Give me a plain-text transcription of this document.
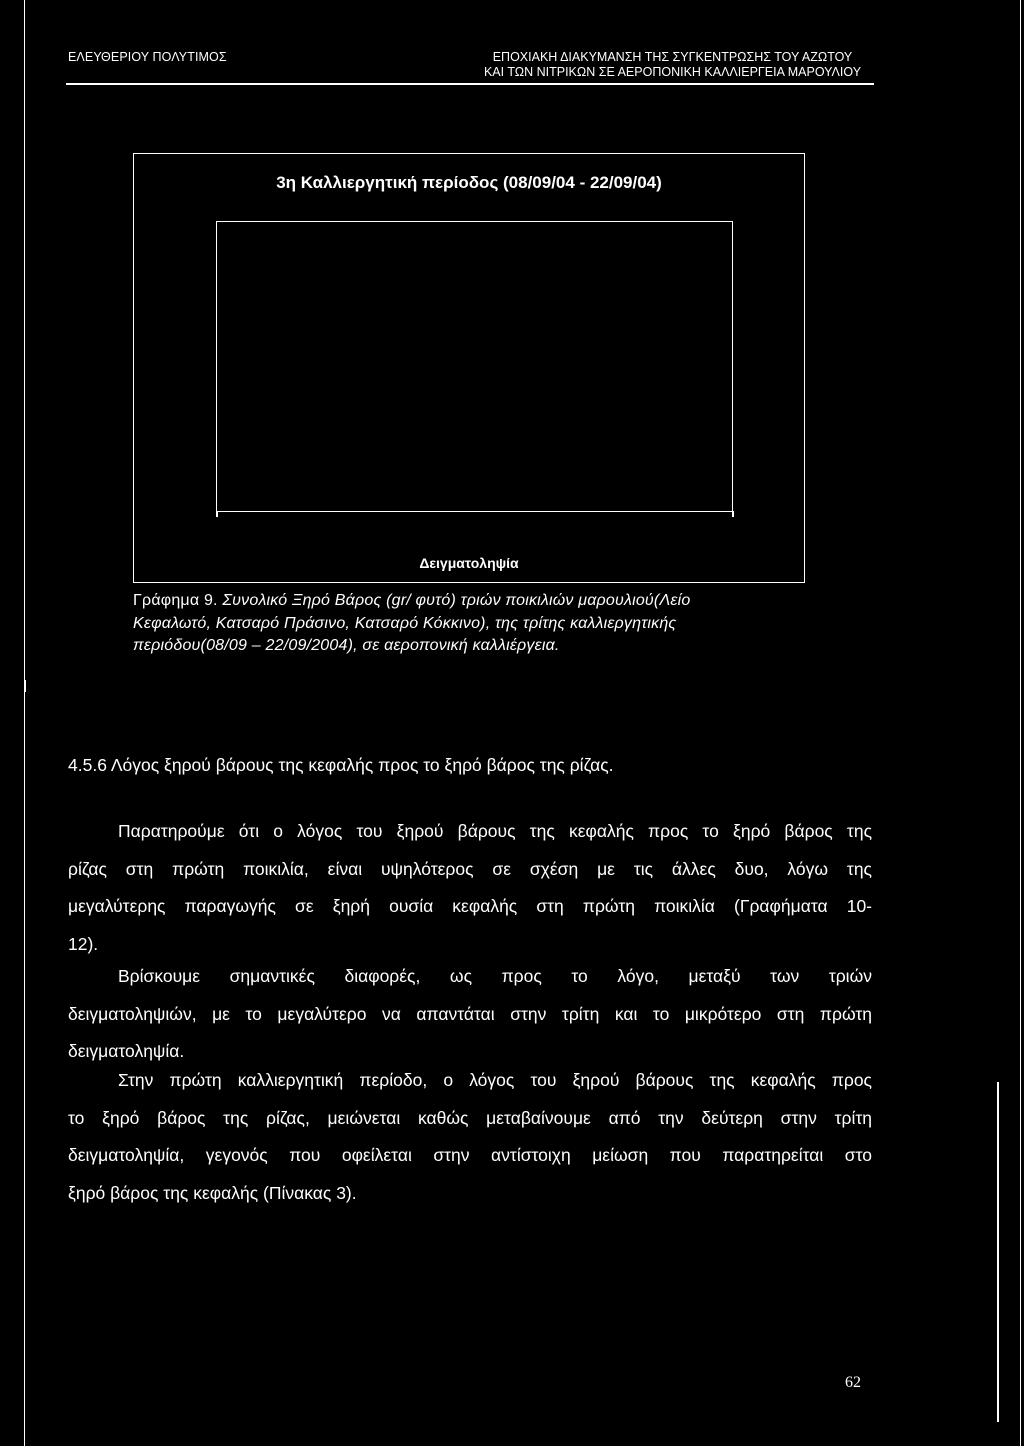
ΕΛΕΥΘΕΡΙΟΥ ΠΟΛΥΤΙΜΟΣ	ΕΠΟΧΙΑΚΗ ΔΙΑΚΥΜΑΝΣΗ ΤΗΣ ΣΥΓΚΕΝΤΡΩΣΗΣ ΤΟΥ ΑΖΩΤΟΥ
ΚΑΙ ΤΩΝ ΝΙΤΡΙΚΩΝ ΣΕ ΑΕΡΟΠΟΝΙΚΗ ΚΑΛΛΙΕΡΓΕΙΑ ΜΑΡΟΥΛΙΟΥ
3η Καλλιεργητική περίοδος (08/09/04 - 22/09/04)
Δειγματοληψία
Γράφημα 9. Συνολικό Ξηρό Βάρος (gr/ φυτό) τριών ποικιλιών μαρουλιού(Λείο
Κεφαλωτό, Κατσαρό Πράσινο, Κατσαρό Κόκκινο), της τρίτης καλλιεργητικής
περιόδου(08/09 – 22/09/2004), σε αεροπονική καλλιέργεια.
4.5.6 Λόγος ξηρού βάρους της κεφαλής προς το ξηρό βάρος της ρίζας.
Παρατηρούμε ότι ο λόγος του ξηρού βάρους της κεφαλής προς το ξηρό βάρος της
ρίζας στη πρώτη ποικιλία, είναι υψηλότερος σε σχέση με τις άλλες δυο, λόγω της
μεγαλύτερης παραγωγής σε ξηρή ουσία κεφαλής στη πρώτη ποικιλία (Γραφήματα 10-
12).
Βρίσκουμε σημαντικές διαφορές, ως προς το λόγο, μεταξύ των τριών
δειγματοληψιών, με το μεγαλύτερο να απαντάται στην τρίτη και το μικρότερο στη πρώτη
δειγματοληψία.
Στην πρώτη καλλιεργητική περίοδο, ο λόγος του ξηρού βάρους της κεφαλής προς
το ξηρό βάρος της ρίζας, μειώνεται καθώς μεταβαίνουμε από την δεύτερη στην τρίτη
δειγματοληψία, γεγονός που οφείλεται στην αντίστοιχη μείωση που παρατηρείται στο
ξηρό βάρος της κεφαλής (Πίνακας 3).
62
